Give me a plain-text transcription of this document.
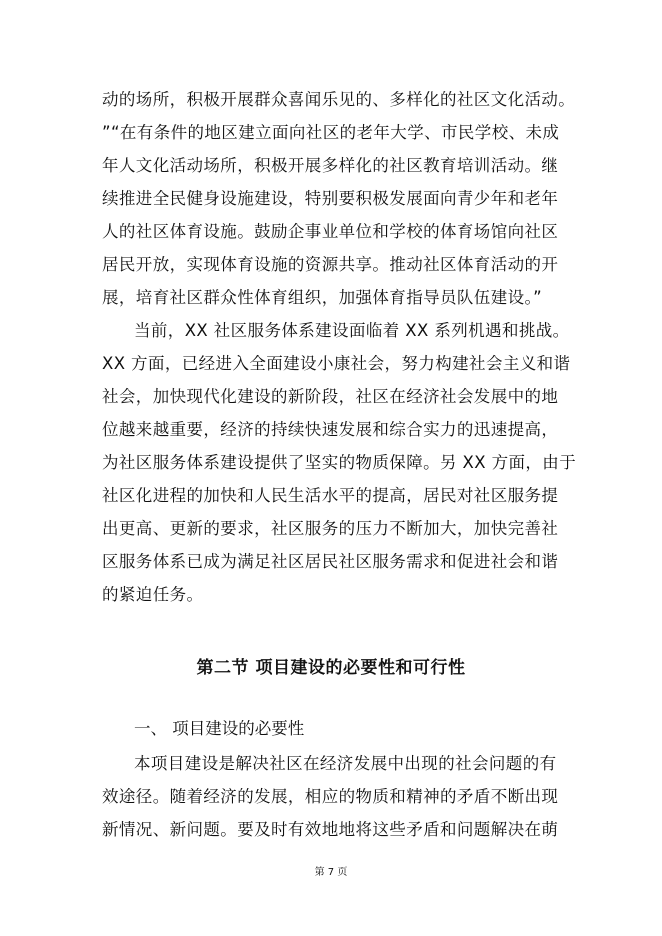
动的场所，积极开展群众喜闻乐见的、多样化的社区文化活动。
”“在有条件的地区建立面向社区的老年大学、市民学校、未成
年人文化活动场所，积极开展多样化的社区教育培训活动。继
续推进全民健身设施建设，特别要积极发展面向青少年和老年
人的社区体育设施。鼓励企事业单位和学校的体育场馆向社区
居民开放，实现体育设施的资源共享。推动社区体育活动的开
展，培育社区群众性体育组织，加强体育指导员队伍建设。”
当前，XX 社区服务体系建设面临着 XX 系列机遇和挑战。
XX 方面，已经进入全面建设小康社会，努力构建社会主义和谐
社会，加快现代化建设的新阶段，社区在经济社会发展中的地
位越来越重要，经济的持续快速发展和综合实力的迅速提高，
为社区服务体系建设提供了坚实的物质保障。另 XX 方面，由于
社区化进程的加快和人民生活水平的提高，居民对社区服务提
出更高、更新的要求，社区服务的压力不断加大，加快完善社
区服务体系已成为满足社区居民社区服务需求和促进社会和谐
的紧迫任务。
第二节 项目建设的必要性和可行性
一、 项目建设的必要性
本项目建设是解决社区在经济发展中出现的社会问题的有
效途径。随着经济的发展，相应的物质和精神的矛盾不断出现
新情况、新问题。要及时有效地地将这些矛盾和问题解决在萌
第 7 页
